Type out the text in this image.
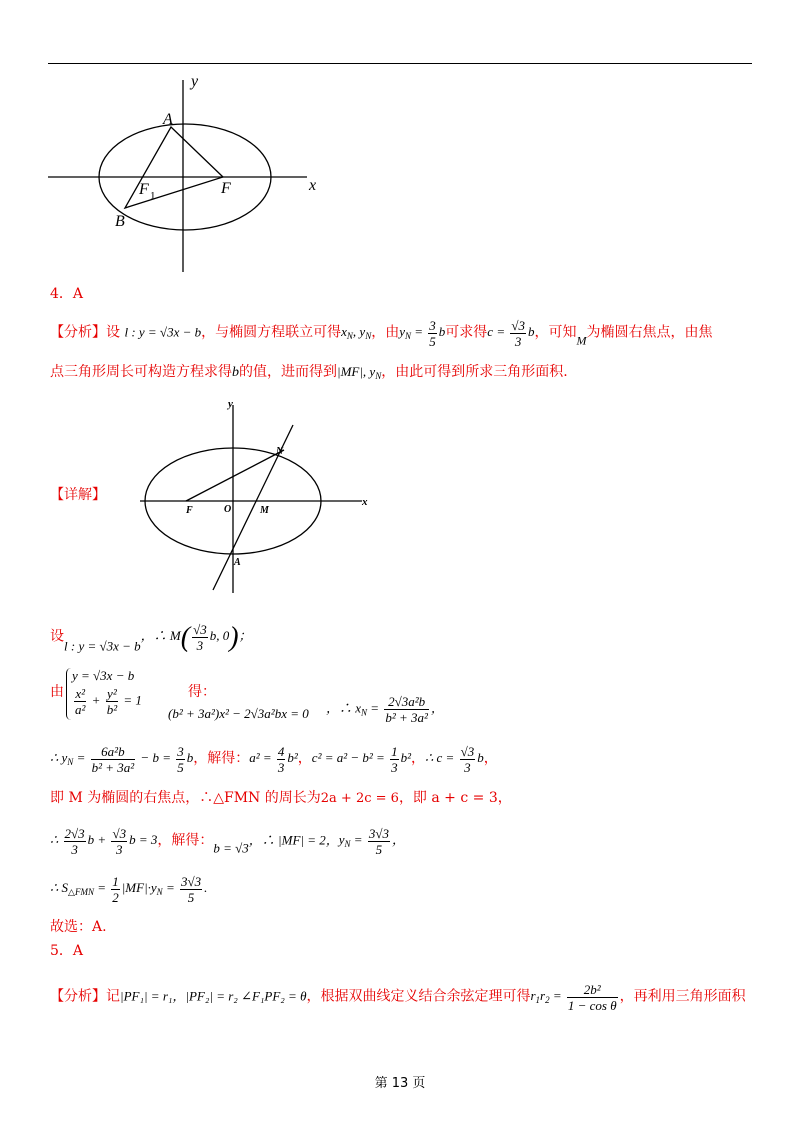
y
x
A
B
F
F 1
4．A
【分析】设 l : y = √3x − b，与椭圆方程联立可得$x_N$, $y_N$，由$y_N = \frac{3}{5}$ b可求得$c = \frac{√3}{3}$ b，可知M为椭圆右焦点，由焦
点三角形周长可构造方程求得b的值，进而得到|MF|, $y_N$，由此可得到所求三角形面积.
y
x
F	O	M
N
A
【详解】
设l : y = √3x − b，∴ $M( \frac{√3}{3} b$, 0)；
由
y = √3x − b
$\frac{\text{x²}}{\text{a²}} + \frac{\text{y²}}{\text{b²}} = 1$	得：
(b² + 3a²)x² − 2√3a²bx = 0 ，∴ $x_N = \frac{\text{2√3a²b}}{\text{b² + 3a²}}$ ，
∴ $y_N = \frac{\text{6a²b}}{\text{b² + 3a²}} - b = \frac{3}{5}$ b，解得：$a^2 = \frac{4}{3} b^2$，$c^2 = a^2 - b^2 = \frac{1}{3} b^2$，∴ $c = \frac{√3}{3}$ b，
即 M 为椭圆的右焦点，∴△FMN 的周长为2a + 2c = 6，即 a + c = 3，
∴ $\frac{2√3}{3}$ $b + \frac{√3}{3}$ b = 3，解得：b = √3，∴ |MF| = 2，$y_N = \frac{3√3}{5}$ ，
∴ $S_{\triangle FMN} = \frac{1}{2} |MF|\cdot y_N = \frac{3√3}{5}$ .
故选：A.
5．A
【分析】记|PF₁| = r₁，|PF₂| = r₂ ∠F₁PF₂ = θ，根据双曲线定义结合余弦定理可得$r_1r_2 = \frac{\text{2b²}}{\text{1 − cos θ}}$ ，再利用三角形面积
第 13 页
